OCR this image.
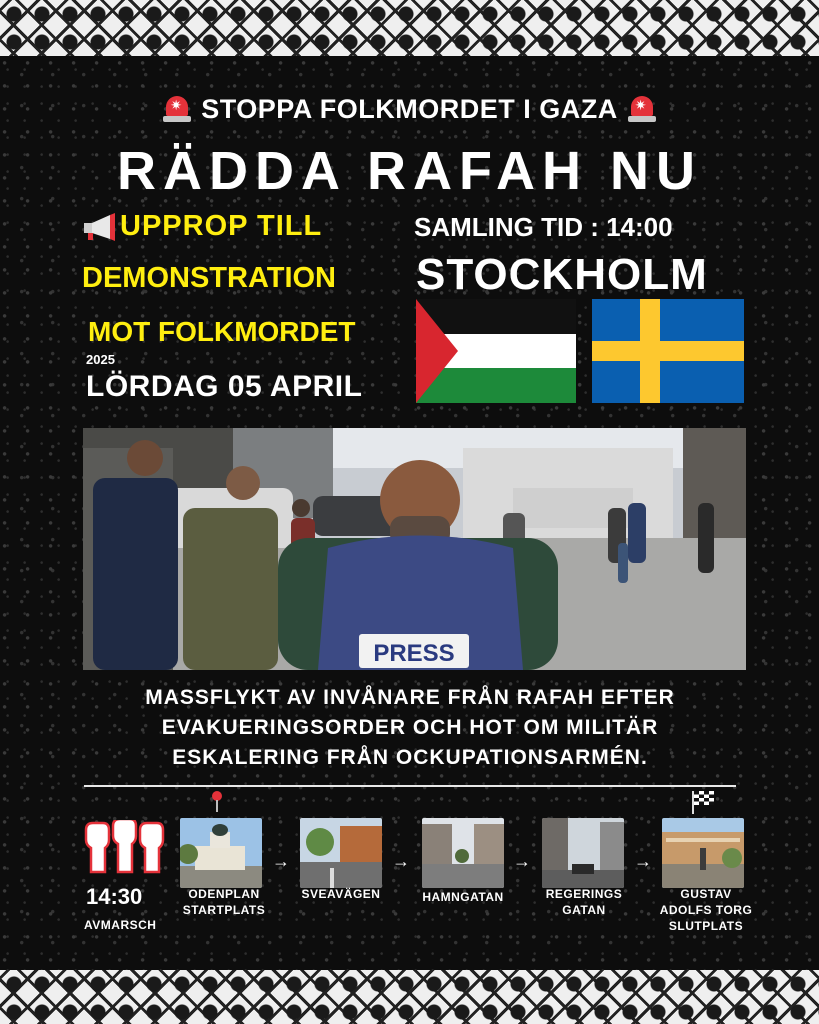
✷
STOPPA FOLKMORDET I GAZA
✷
RÄDDA RAFAH NU
UPPROP TILL	SAMLING TID : 14:00
DEMONSTRATION STOCKHOLM
MOT FOLKMORDET
2025
LÖRDAG 05 APRIL
PRESS
MASSFLYKT AV INVÅNARE FRÅN RAFAH EFTER
EVAKUERINGSORDER OCH HOT OM MILITÄR
ESKALERING FRÅN OCKUPATIONSARMÉN.
14:30
AVMARSCH
→	→	→	→
ODENPLAN
STARTPLATS
SVEAVÄGEN	HAMNGATAN	REGERINGS
GATAN
GUSTAV
ADOLFS TORG
SLUTPLATS
